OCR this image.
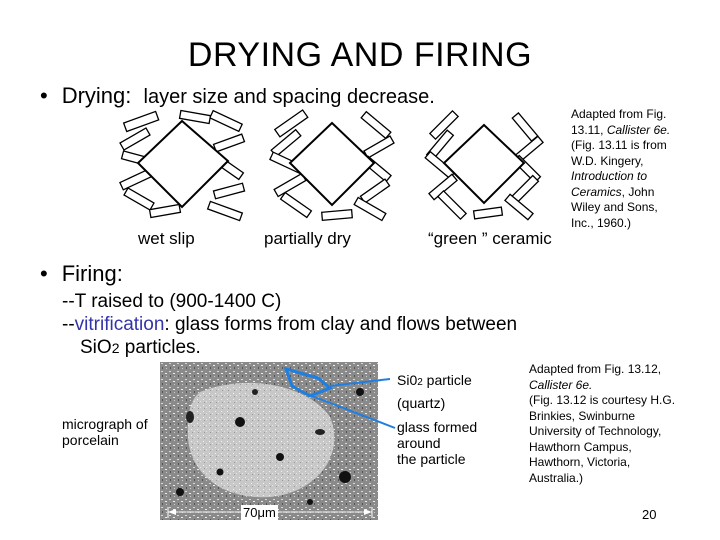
DRYING AND FIRING
• Drying: layer size and spacing decrease.
wet slip	partially dry	“green ” ceramic
Adapted from Fig.
13.11, Callister 6e.
(Fig. 13.11 is from
W.D. Kingery,
Introduction to
Ceramics, John
Wiley and Sons,
Inc., 1960.)
• Firing:
--T raised to (900-1400 C)
--vitrification: glass forms from clay and flows between
SiO2 particles.
70μm
micrograph of
porcelain
Si02 particle
(quartz)
glass formed
around
the particle
Adapted from Fig. 13.12,
Callister 6e.
(Fig. 13.12 is courtesy H.G.
Brinkies, Swinburne
University of Technology,
Hawthorn Campus,
Hawthorn, Victoria,
Australia.)
20
